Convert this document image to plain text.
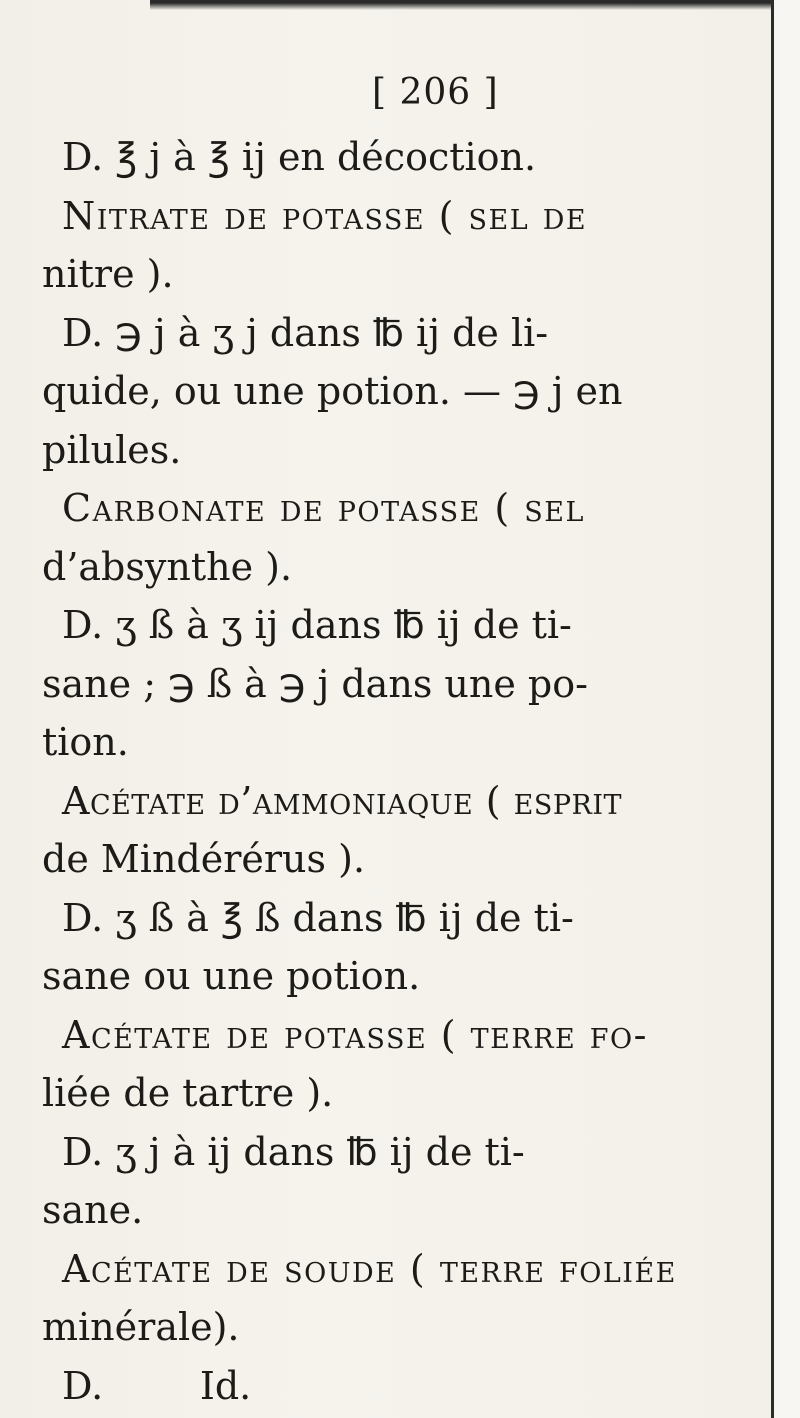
[ 206 ]
D. ℥ j à ℥ ij en décoction.
Nitrate de potasse ( sel de
nitre ).
D. ℈ j à ʒ j dans ℔ ij de li-
quide, ou une potion. — ℈ j en
pilules.
Carbonate de potasse ( sel
d’absynthe ).
D. ʒ ß à ʒ ij dans ℔ ij de ti-
sane ; ℈ ß à ℈ j dans une po-
tion.
Acétate d’ammoniaque ( esprit
de Mindérérus ).
D. ʒ ß à ℥ ß dans ℔ ij de ti-
sane ou une potion.
Acétate de potasse ( terre fo-
liée de tartre ).
D. ʒ j à ij dans ℔ ij de ti-
sane.
Acétate de soude ( terre foliée
minérale).
D.        Id.
